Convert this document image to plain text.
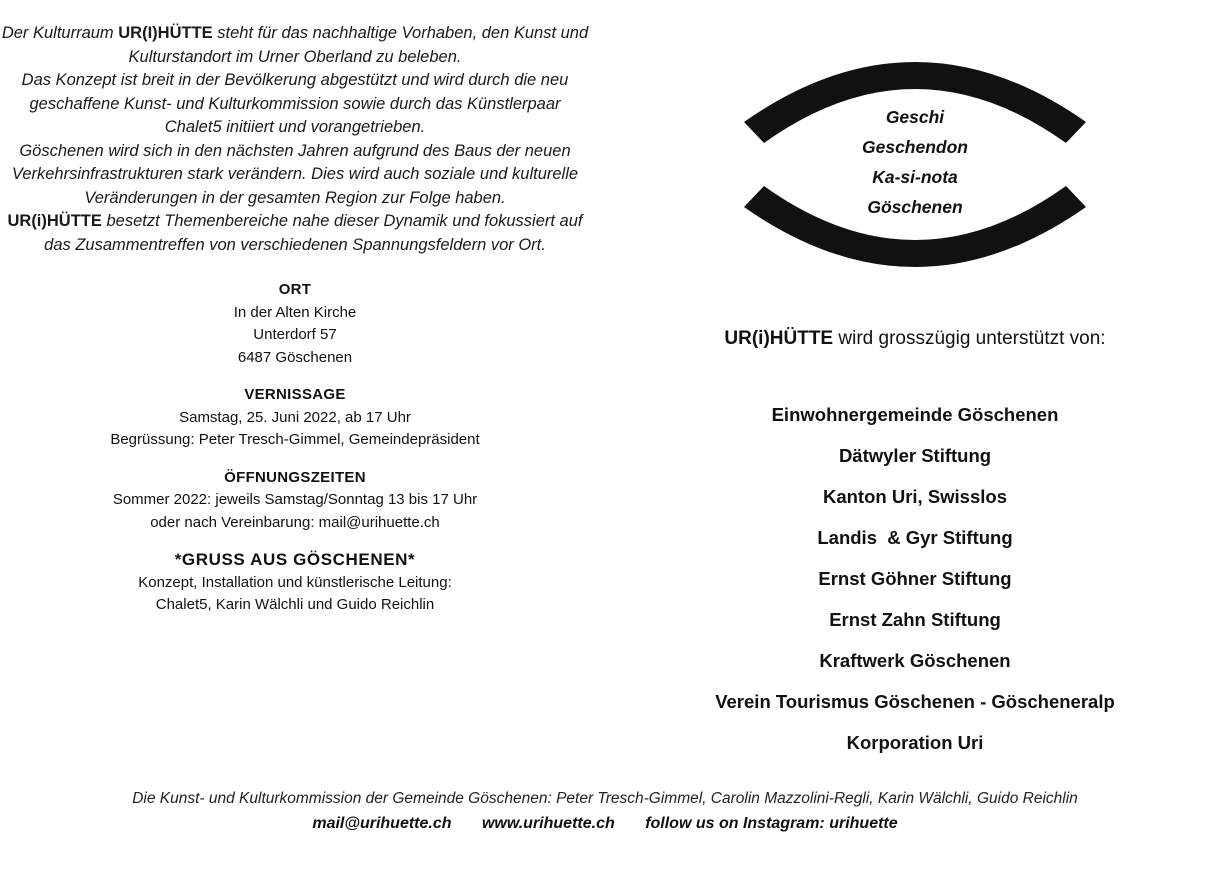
Der Kulturraum UR(I)HÜTTE steht für das nachhaltige Vorhaben, den Kunst und Kulturstandort im Urner Oberland zu beleben.

Das Konzept ist breit in der Bevölkerung abgestützt und wird durch die neu geschaffene Kunst- und Kulturkommission sowie durch das Künstlerpaar Chalet5 initiiert und vorangetrieben.

Göschenen wird sich in den nächsten Jahren aufgrund des Baus der neuen Verkehrsinfrastrukturen stark verändern. Dies wird auch soziale und kulturelle Veränderungen in der gesamten Region zur Folge haben.

UR(i)HÜTTE besetzt Themenbereiche nahe dieser Dynamik und fokussiert auf das Zusammentreffen von verschiedenen Spannungsfeldern vor Ort.

ORT
In der Alten Kirche
Unterdorf 57
6487 Göschenen
VERNISSAGE
Samstag, 25. Juni 2022, ab 17 Uhr
Begrüssung: Peter Tresch-Gimmel, Gemeindepräsident
ÖFFNUNGSZEITEN
Sommer 2022: jeweils Samstag/Sonntag 13 bis 17 Uhr
oder nach Vereinbarung: mail@urihuette.ch
*GRUSS AUS GÖSCHENEN*
Konzept, Installation und künstlerische Leitung:
Chalet5, Karin Wälchli und Guido Reichlin
Geschi
Geschendon
Ka-si-nota
Göschenen
UR(i)HÜTTE wird grosszügig unterstützt von:
Einwohnergemeinde Göschenen
Dätwyler Stiftung
Kanton Uri, Swisslos
Landis  & Gyr Stiftung
Ernst Göhner Stiftung
Ernst Zahn Stiftung
Kraftwerk Göschenen
Verein Tourismus Göschenen - Göscheneralp
Korporation Uri
Die Kunst- und Kulturkommission der Gemeinde Göschenen: Peter Tresch-Gimmel, Carolin Mazzolini-Regli, Karin Wälchli, Guido Reichlin
mail@urihuette.ch www.urihuette.ch follow us on Instagram: urihuette
